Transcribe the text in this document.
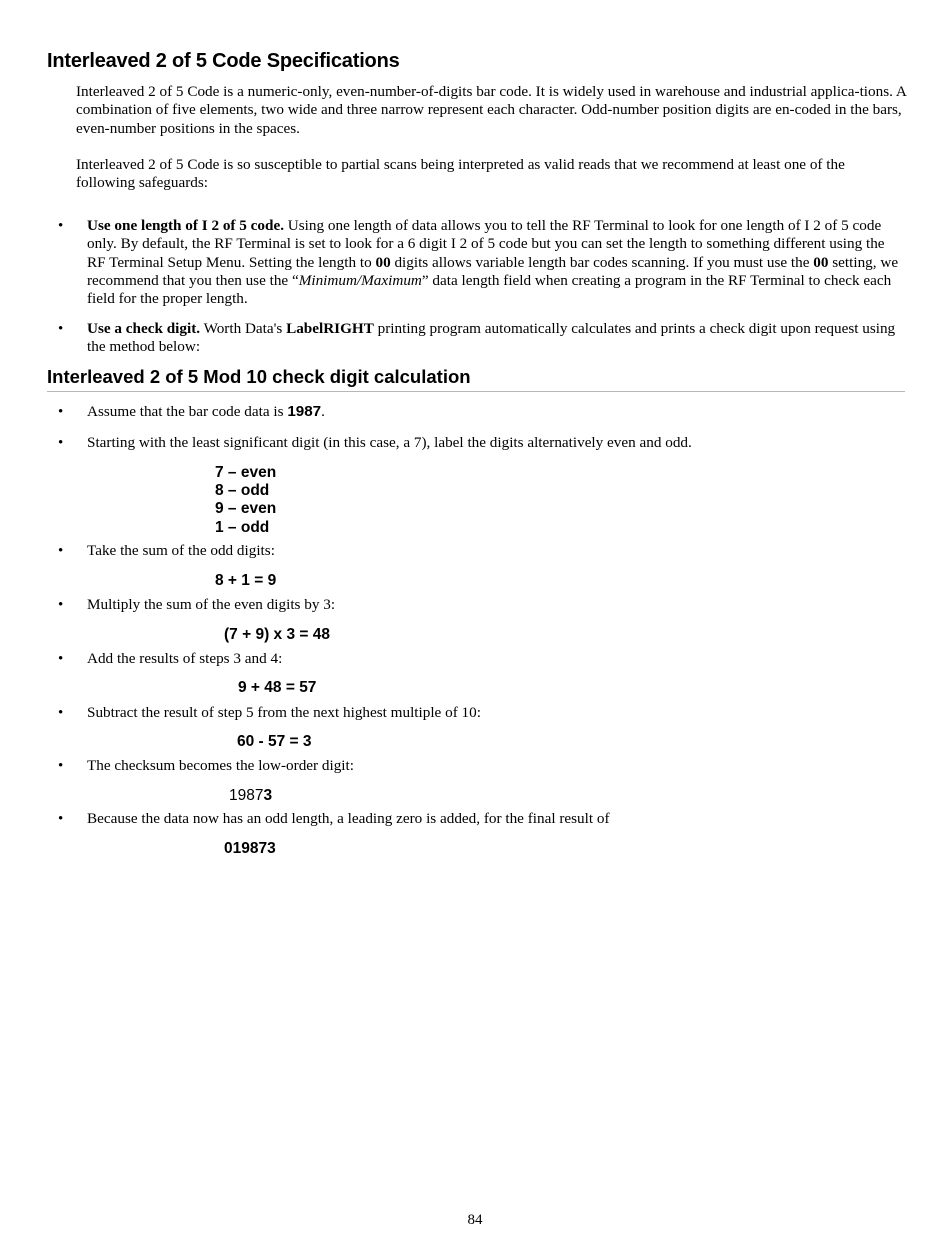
Interleaved 2 of 5 Code Specifications

Interleaved 2 of 5 Code is a numeric-only, even-number-of-digits bar code. It is widely used in warehouse and industrial applica-tions. A combination of five elements, two wide and three narrow represent each character. Odd-number position digits are en-coded in the bars, even-number positions in the spaces.

Interleaved 2 of 5 Code is so susceptible to partial scans being interpreted as valid reads that we recommend at least one of the following safeguards:

• Use one length of I 2 of 5 code. Using one length of data allows you to tell the RF Terminal to look for one length of I 2 of 5 code only. By default, the RF Terminal is set to look for a 6 digit I 2 of 5 code but you can set the length to something different using the RF Terminal Setup Menu. Setting the length to 00 digits allows variable length bar codes scanning. If you must use the 00 setting, we recommend that you then use the “Minimum/Maximum” data length field when creating a program in the RF Terminal to check each field for the proper length.

• Use a check digit. Worth Data's LabelRIGHT printing program automatically calculates and prints a check digit upon request using the method below:

Interleaved 2 of 5 Mod 10 check digit calculation
• Assume that the bar code data is 1987.

• Starting with the least significant digit (in this case, a 7), label the digits alternatively even and odd.

7 – even

8 – odd

9 – even

1 – odd

• Take the sum of the odd digits:

8 + 1 = 9

• Multiply the sum of the even digits by 3:

(7 + 9) x 3 = 48

• Add the results of steps 3 and 4:

9 + 48 = 57

• Subtract the result of step 5 from the next highest multiple of 10:

60 - 57 = 3

• The checksum becomes the low-order digit:

19873

• Because the data now has an odd length, a leading zero is added, for the final result of

019873

84
